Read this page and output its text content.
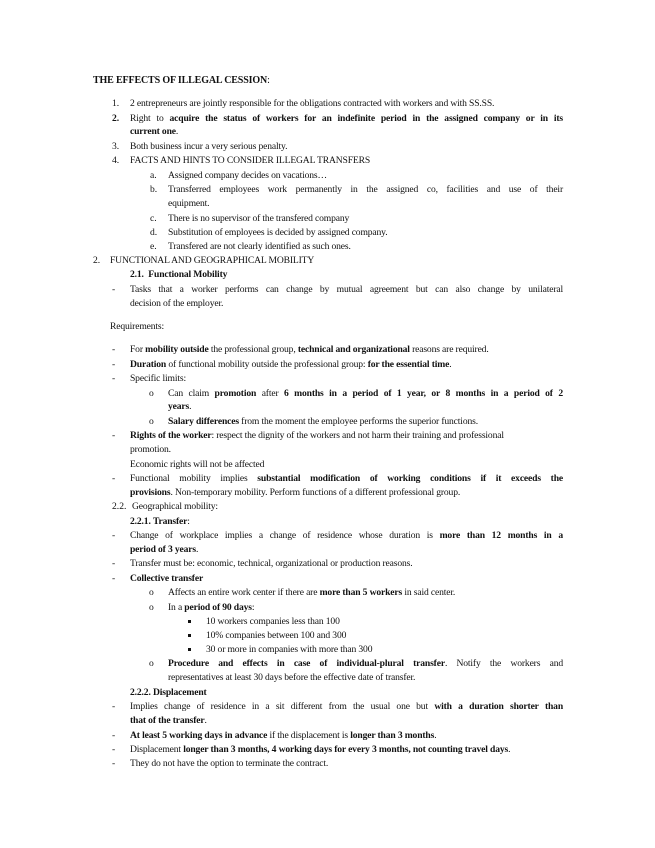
THE EFFECTS OF ILLEGAL CESSION:
1. 2 entrepreneurs are jointly responsible for the obligations contracted with workers and with SS.SS.
2. Right to acquire the status of workers for an indefinite period in the assigned company or in its
current one.
3. Both business incur a very serious penalty.
4. FACTS AND HINTS TO CONSIDER ILLEGAL TRANSFERS
a. Assigned company decides on vacations…
b. Transferred employees work permanently in the assigned co, facilities and use of their
equipment.
c. There is no supervisor of the transfered company
d. Substitution of employees is decided by assigned company.
e. Transfered are not clearly identified as such ones.
2. FUNCTIONAL AND GEOGRAPHICAL MOBILITY
2.1. Functional Mobility
- Tasks that a worker performs can change by mutual agreement but can also change by unilateral
decision of the employer.
Requirements:
- For mobility outside the professional group, technical and organizational reasons are required.
- Duration of functional mobility outside the professional group: for the essential time.
- Specific limits:
o Can claim promotion after 6 months in a period of 1 year, or 8 months in a period of 2
years.
o Salary differences from the moment the employee performs the superior functions.
- Rights of the worker: respect the dignity of the workers and not harm their training and professional
promotion.
Economic rights will not be affected
- Functional mobility implies substantial modification of working conditions if it exceeds the
provisions. Non-temporary mobility. Perform functions of a different professional group.
2.2. Geographical mobility:
2.2.1. Transfer:
- Change of workplace implies a change of residence whose duration is more than 12 months in a
period of 3 years.
- Transfer must be: economic, technical, organizational or production reasons.
- Collective transfer
o Affects an entire work center if there are more than 5 workers in said center.
o In a period of 90 days:
10 workers companies less than 100
10% companies between 100 and 300
30 or more in companies with more than 300
o Procedure and effects in case of individual-plural transfer. Notify the workers and
representatives at least 30 days before the effective date of transfer.
2.2.2. Displacement
- Implies change of residence in a sit different from the usual one but with a duration shorter than
that of the transfer.
- At least 5 working days in advance if the displacement is longer than 3 months.
- Displacement longer than 3 months, 4 working days for every 3 months, not counting travel days.
- They do not have the option to terminate the contract.
